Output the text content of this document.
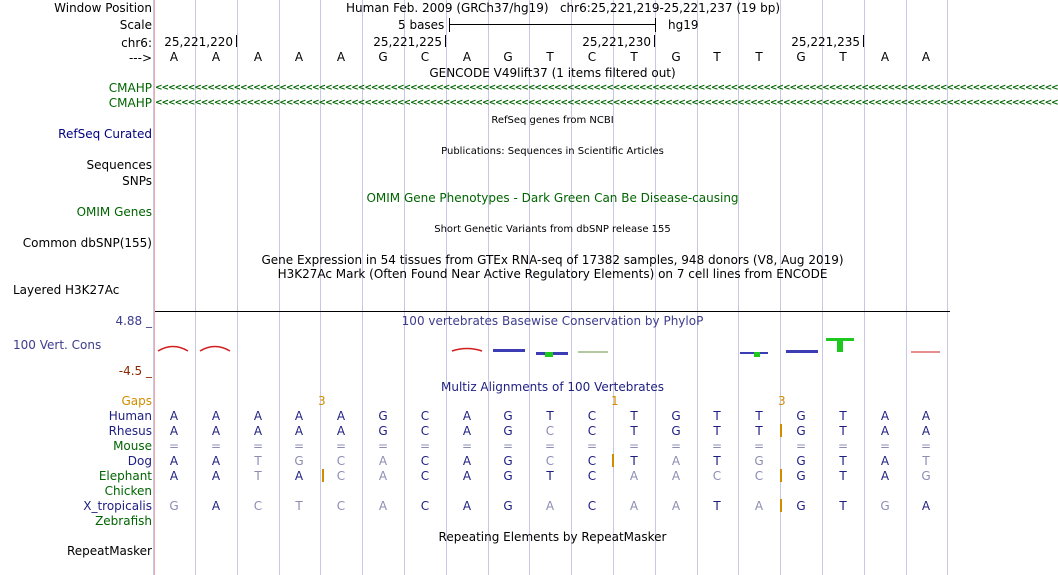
Window Position	Human Feb. 2009 (GRCh37/hg19)   chr6:25,221,219-25,221,237 (19 bp)
Scale	5 bases	hg19
chr6: 25,221,220	25,221,225	25,221,230	25,221,235
--->	A	A	A	A	A	G	C	A	G	T	C	T	G	T	T	G	T	A	A
GENCODE V49lift37 (1 items filtered out)
CMAHP <<<<<<<<<<<<<<<<<<<<<<<<<<<<<<<<<<<<<<<<<<<<<<<<<<<<<<<<<<<<<<<<<<<<<<<<<<<<<<<<<<<<<<<<<<<<<<<<<<<<<<<<<<<<<<<<<<<<<<<<<<<<<<<<<<<<<<<<<<
CMAHP <<<<<<<<<<<<<<<<<<<<<<<<<<<<<<<<<<<<<<<<<<<<<<<<<<<<<<<<<<<<<<<<<<<<<<<<<<<<<<<<<<<<<<<<<<<<<<<<<<<<<<<<<<<<<<<<<<<<<<<<<<<<<<<<<<<<<<<<<<
RefSeq genes from NCBI
RefSeq Curated
Publications: Sequences in Scientific Articles
Sequences
SNPs
OMIM Gene Phenotypes - Dark Green Can Be Disease-causing
OMIM Genes
Short Genetic Variants from dbSNP release 155
Common dbSNP(155)
Gene Expression in 54 tissues from GTEx RNA-seq of 17382 samples, 948 donors (V8, Aug 2019)
H3K27Ac Mark (Often Found Near Active Regulatory Elements) on 7 cell lines from ENCODE
Layered H3K27Ac
4.88 _	100 vertebrates Basewise Conservation by PhyloP
100 Vert. Cons
-4.5 _
Multiz Alignments of 100 Vertebrates
Gaps	3	1	3
Human	A	A	A	A	A	G	C	A	G	T	C	T	G	T	T	G	T	A	A
Rhesus	A	A	A	A	A	G	C	A	G	C	C	T	G	T	T	G	T	A	A
Mouse	=	=	=	=	=	=	=	=	=	=	=	=	=	=	=	=	=	=	=
Dog	A	A	T	G	C	A	C	A	G	C	C	T	A	T	G	G	T	A	T
Elephant	A	A	T	A	C	A	C	A	G	T	C	A	A	C	C	G	T	A	G
Chicken
X_tropicalis	G	A	C	T	C	A	C	A	G	A	C	A	A	T	A	G	T	G	A
Zebrafish
Repeating Elements by RepeatMasker
RepeatMasker
